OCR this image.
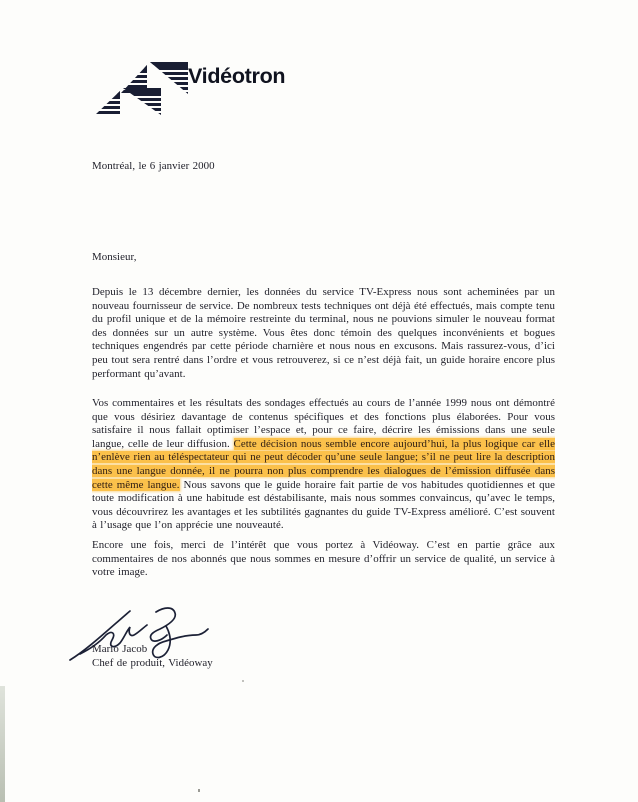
Vidéotron
Montréal, le 6 janvier 2000
Monsieur,
Depuis le 13 décembre dernier, les données du service TV-Express nous sont acheminées par un nouveau fournisseur de service. De nombreux tests techniques ont déjà été effectués, mais compte tenu du profil unique et de la mémoire restreinte du terminal, nous ne pouvions simuler le nouveau format des données sur un autre système. Vous êtes donc témoin des quelques inconvénients et bogues techniques engendrés par cette période charnière et nous nous en excusons. Mais rassurez-vous, d’ici peu tout sera rentré dans l’ordre et vous retrouverez, si ce n’est déjà fait, un guide horaire encore plus performant qu’avant.
Vos commentaires et les résultats des sondages effectués au cours de l’année 1999 nous ont démontré que vous désiriez davantage de contenus spécifiques et des fonctions plus élaborées. Pour vous satisfaire il nous fallait optimiser l’espace et, pour ce faire, décrire les émissions dans une seule langue, celle de leur diffusion. Cette décision nous semble encore aujourd’hui, la plus logique car elle n’enlève rien au téléspectateur qui ne peut décoder qu’une seule langue; s’il ne peut lire la description dans une langue donnée, il ne pourra non plus comprendre les dialogues de l’émission diffusée dans cette même langue. Nous savons que le guide horaire fait partie de vos habitudes quotidiennes et que toute modification à une habitude est déstabilisante, mais nous sommes convaincus, qu’avec le temps, vous découvrirez les avantages et les subtilités gagnantes du guide TV-Express amélioré. C’est souvent à l’usage que l’on apprécie une nouveauté.
Encore une fois, merci de l’intérêt que vous portez à Vidéoway. C’est en partie grâce aux commentaires de nos abonnés que nous sommes en mesure d’offrir un service de qualité, un service à votre image.
Mario Jacob
Chef de produit, Vidéoway
